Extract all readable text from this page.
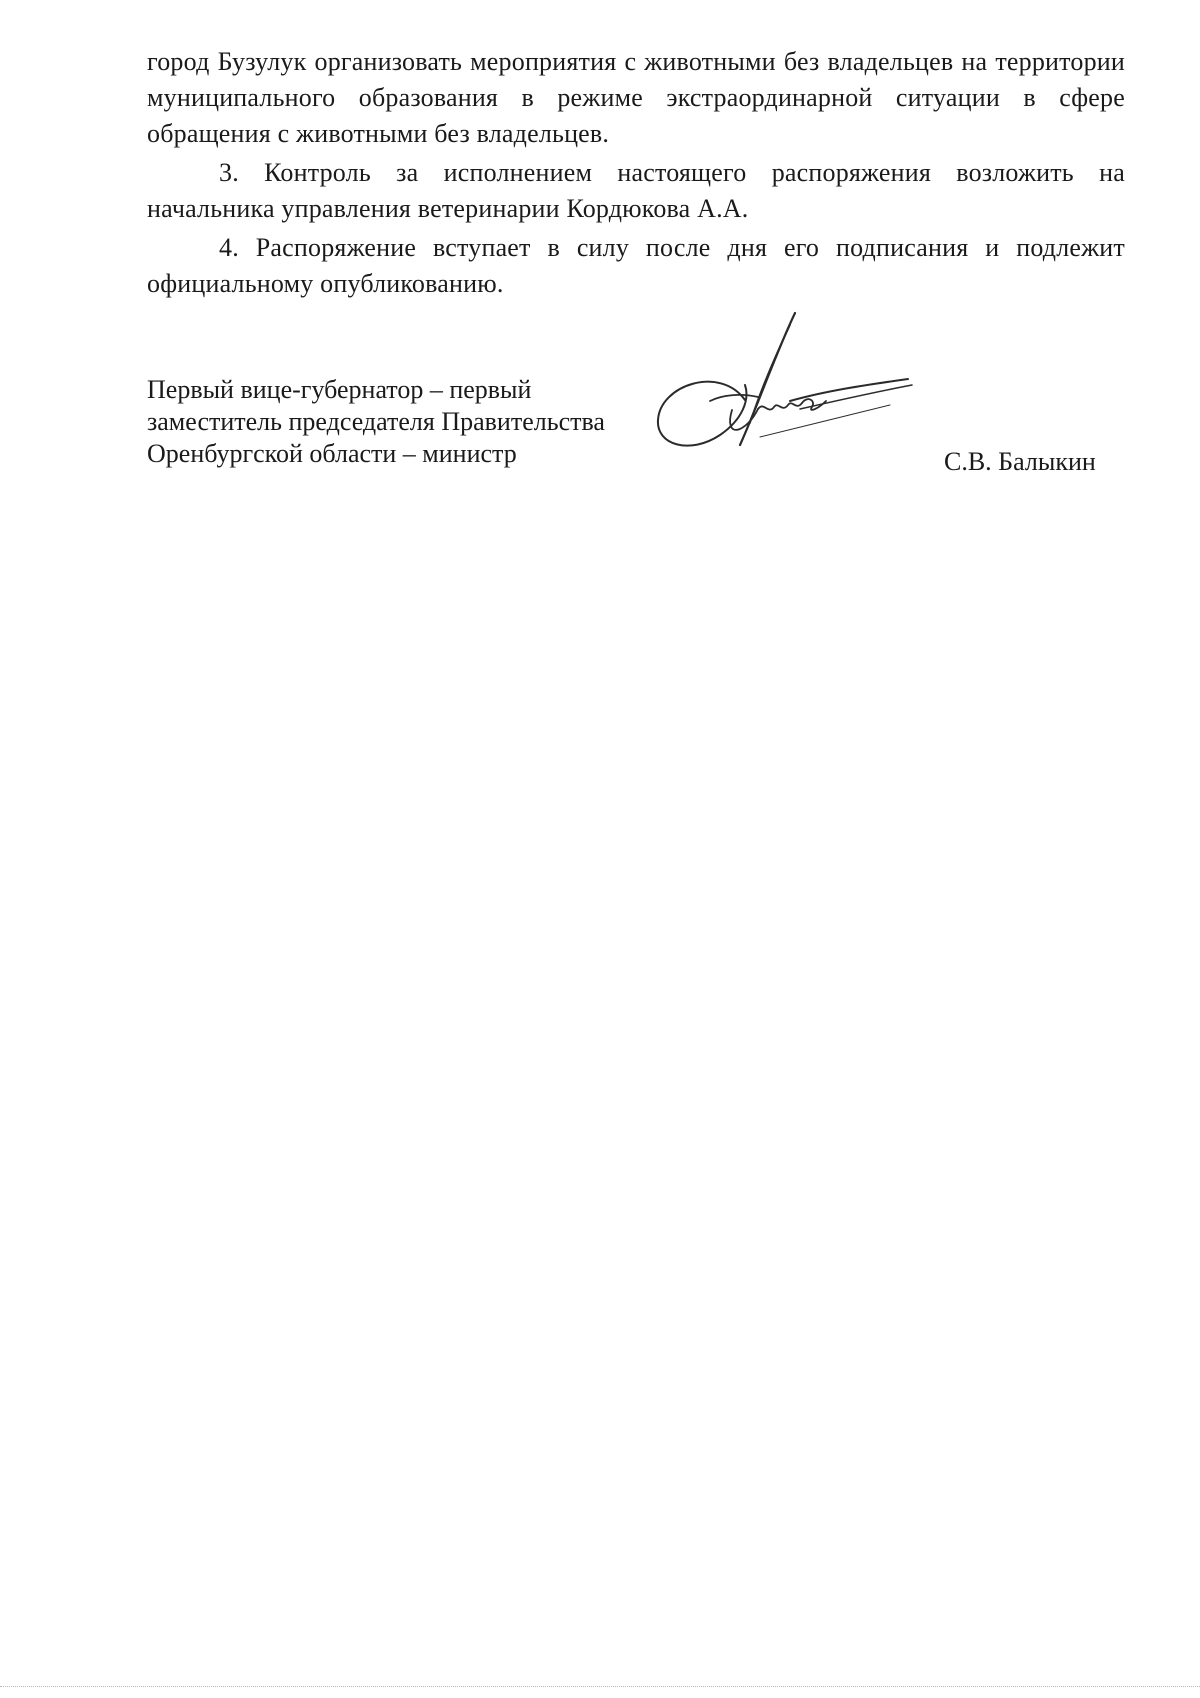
город Бузулук организовать мероприятия с животными без владельцев на территории муниципального образования в режиме экстраординарной ситуации в сфере обращения с животными без владельцев.

3. Контроль за исполнением настоящего распоряжения возложить на начальника управления ветеринарии Кордюкова А.А.

4. Распоряжение вступает в силу после дня его подписания и подлежит официальному опубликованию.

Первый вице-губернатор – первый
заместитель председателя Правительства
Оренбургской области – министр	С.В. Балыкин
